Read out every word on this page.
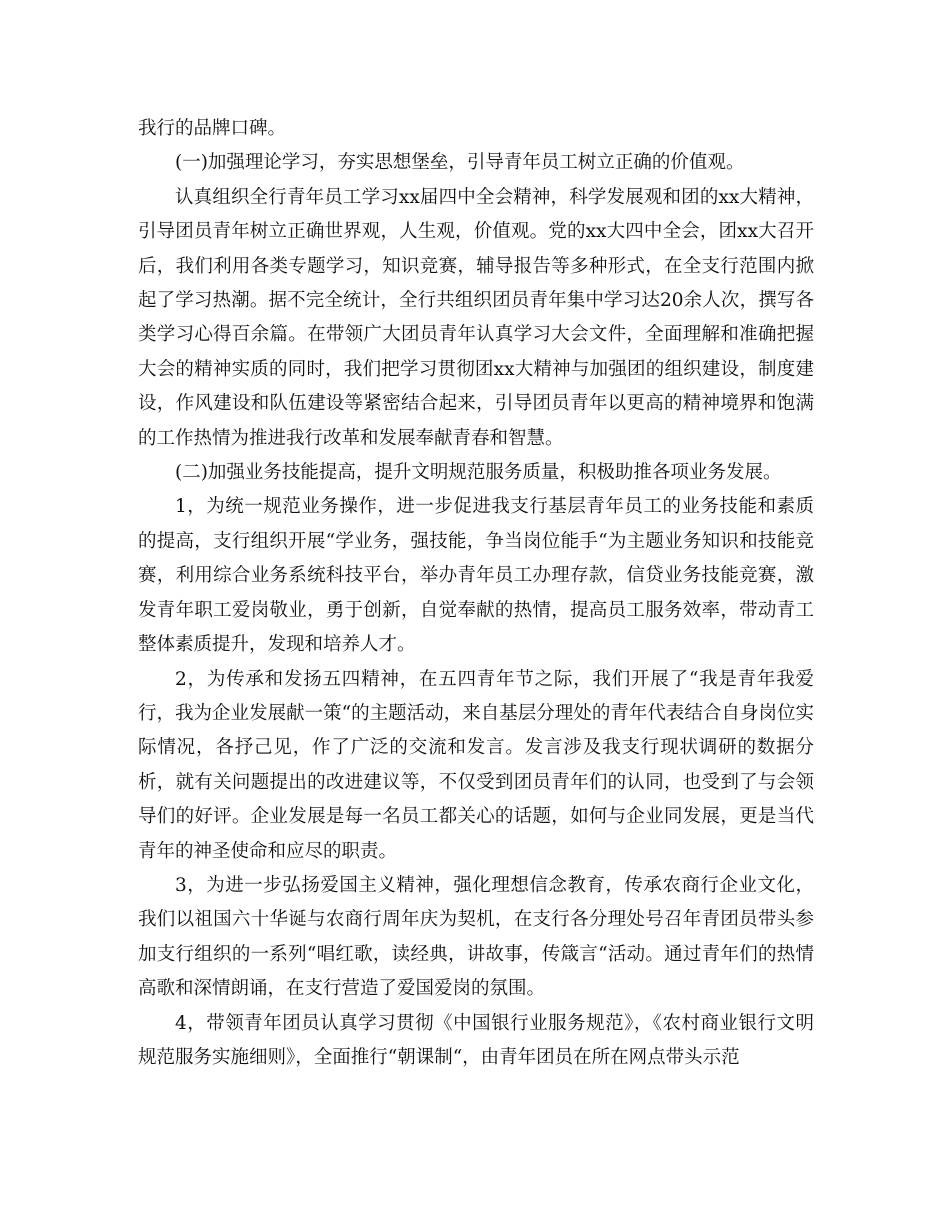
我行的品牌口碑。

(一)加强理论学习，夯实思想堡垒，引导青年员工树立正确的价值观。

认真组织全行青年员工学习xx届四中全会精神，科学发展观和团的xx大精神，引导团员青年树立正确世界观，人生观，价值观。党的xx大四中全会，团xx大召开后，我们利用各类专题学习，知识竞赛，辅导报告等多种形式，在全支行范围内掀起了学习热潮。据不完全统计，全行共组织团员青年集中学习达20余人次，撰写各类学习心得百余篇。在带领广大团员青年认真学习大会文件，全面理解和准确把握大会的精神实质的同时，我们把学习贯彻团xx大精神与加强团的组织建设，制度建设，作风建设和队伍建设等紧密结合起来，引导团员青年以更高的精神境界和饱满的工作热情为推进我行改革和发展奉献青春和智慧。

(二)加强业务技能提高，提升文明规范服务质量，积极助推各项业务发展。

1，为统一规范业务操作，进一步促进我支行基层青年员工的业务技能和素质的提高，支行组织开展“学业务，强技能，争当岗位能手“为主题业务知识和技能竞赛，利用综合业务系统科技平台，举办青年员工办理存款，信贷业务技能竞赛，激发青年职工爱岗敬业，勇于创新，自觉奉献的热情，提高员工服务效率，带动青工整体素质提升，发现和培养人才。

2，为传承和发扬五四精神，在五四青年节之际，我们开展了“我是青年我爱行，我为企业发展献一策“的主题活动，来自基层分理处的青年代表结合自身岗位实际情况，各抒己见，作了广泛的交流和发言。发言涉及我支行现状调研的数据分析，就有关问题提出的改进建议等，不仅受到团员青年们的认同，也受到了与会领导们的好评。企业发展是每一名员工都关心的话题，如何与企业同发展，更是当代青年的神圣使命和应尽的职责。

3，为进一步弘扬爱国主义精神，强化理想信念教育，传承农商行企业文化，我们以祖国六十华诞与农商行周年庆为契机，在支行各分理处号召年青团员带头参加支行组织的一系列“唱红歌，读经典，讲故事，传箴言“活动。通过青年们的热情高歌和深情朗诵，在支行营造了爱国爱岗的氛围。

4，带领青年团员认真学习贯彻《中国银行业服务规范》，《农村商业银行文明规范服务实施细则》，全面推行“朝课制“，由青年团员在所在网点带头示范
